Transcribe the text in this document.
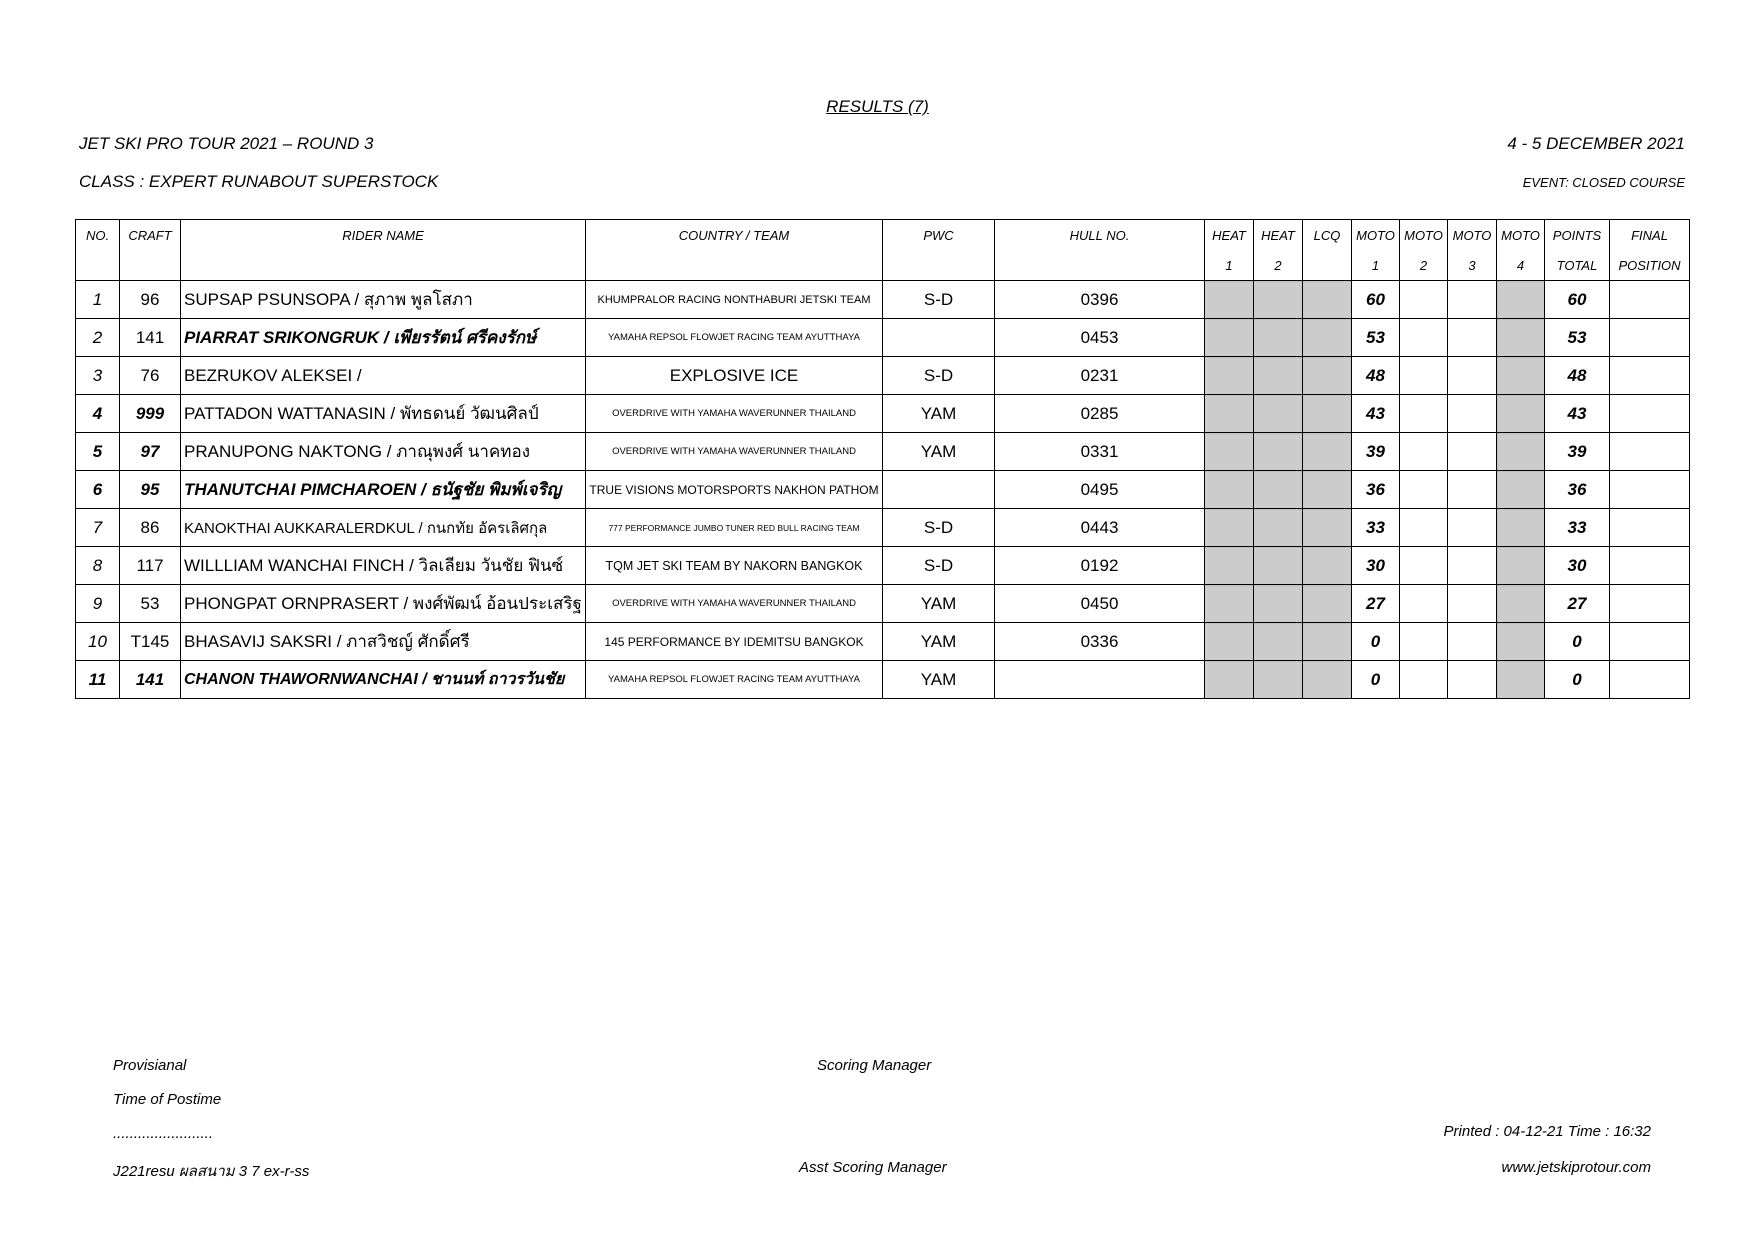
RESULTS (7)
JET SKI PRO TOUR 2021 – ROUND 3	4 - 5 DECEMBER 2021
CLASS : EXPERT RUNABOUT SUPERSTOCK	EVENT: CLOSED COURSE
NO.	CRAFT	RIDER NAME	COUNTRY / TEAM	PWC	HULL NO.	HEAT	HEAT	LCQ	MOTO	MOTO	MOTO	MOTO	POINTS	FINAL
						1	2		1	2	3	4	TOTAL	POSITION
1	96	SUPSAP PSUNSOPA / สุภาพ พูลโสภา	KHUMPRALOR RACING NONTHABURI JETSKI TEAM	S-D	0396				60				60	
2	141	PIARRAT SRIKONGRUK / เพียรรัตน์ ศรีคงรักษ์	YAMAHA REPSOL FLOWJET RACING TEAM AYUTTHAYA		0453				53				53	
3	76	BEZRUKOV ALEKSEI /	EXPLOSIVE ICE	S-D	0231				48				48	
4	999	PATTADON WATTANASIN / พัทธดนย์ วัฒนศิลป์	OVERDRIVE WITH YAMAHA WAVERUNNER THAILAND	YAM	0285				43				43	
5	97	PRANUPONG NAKTONG / ภาณุพงศ์ นาคทอง	OVERDRIVE WITH YAMAHA WAVERUNNER THAILAND	YAM	0331				39				39	
6	95	THANUTCHAI PIMCHAROEN / ธนัฐชัย พิมพ์เจริญ	TRUE VISIONS MOTORSPORTS NAKHON PATHOM		0495				36				36	
7	86	KANOKTHAI AUKKARALERDKUL / กนกทัย อัครเลิศกุล	777 PERFORMANCE JUMBO TUNER RED BULL RACING TEAM	S-D	0443				33				33	
8	117	WILLLIAM WANCHAI FINCH / วิลเลียม วันชัย ฟินซ์	TQM JET SKI TEAM BY NAKORN BANGKOK	S-D	0192				30				30	
9	53	PHONGPAT ORNPRASERT / พงศ์พัฒน์ อ้อนประเสริฐ	OVERDRIVE WITH YAMAHA WAVERUNNER THAILAND	YAM	0450				27				27	
10	T145	BHASAVIJ SAKSRI / ภาสวิชญ์ ศักดิ์ศรี	145 PERFORMANCE BY IDEMITSU BANGKOK	YAM	0336				0				0	
11	141	CHANON THAWORNWANCHAI / ชานนท์ ถาวรวันชัย	YAMAHA REPSOL FLOWJET RACING TEAM AYUTTHAYA	YAM					0				0	
Provisianal
Time of Postime
........................
J221resu ผลสนาม 3 7 ex-r-ss
Scoring Manager
Asst Scoring Manager
Printed : 04-12-21 Time : 16:32
www.jetskiprotour.com
